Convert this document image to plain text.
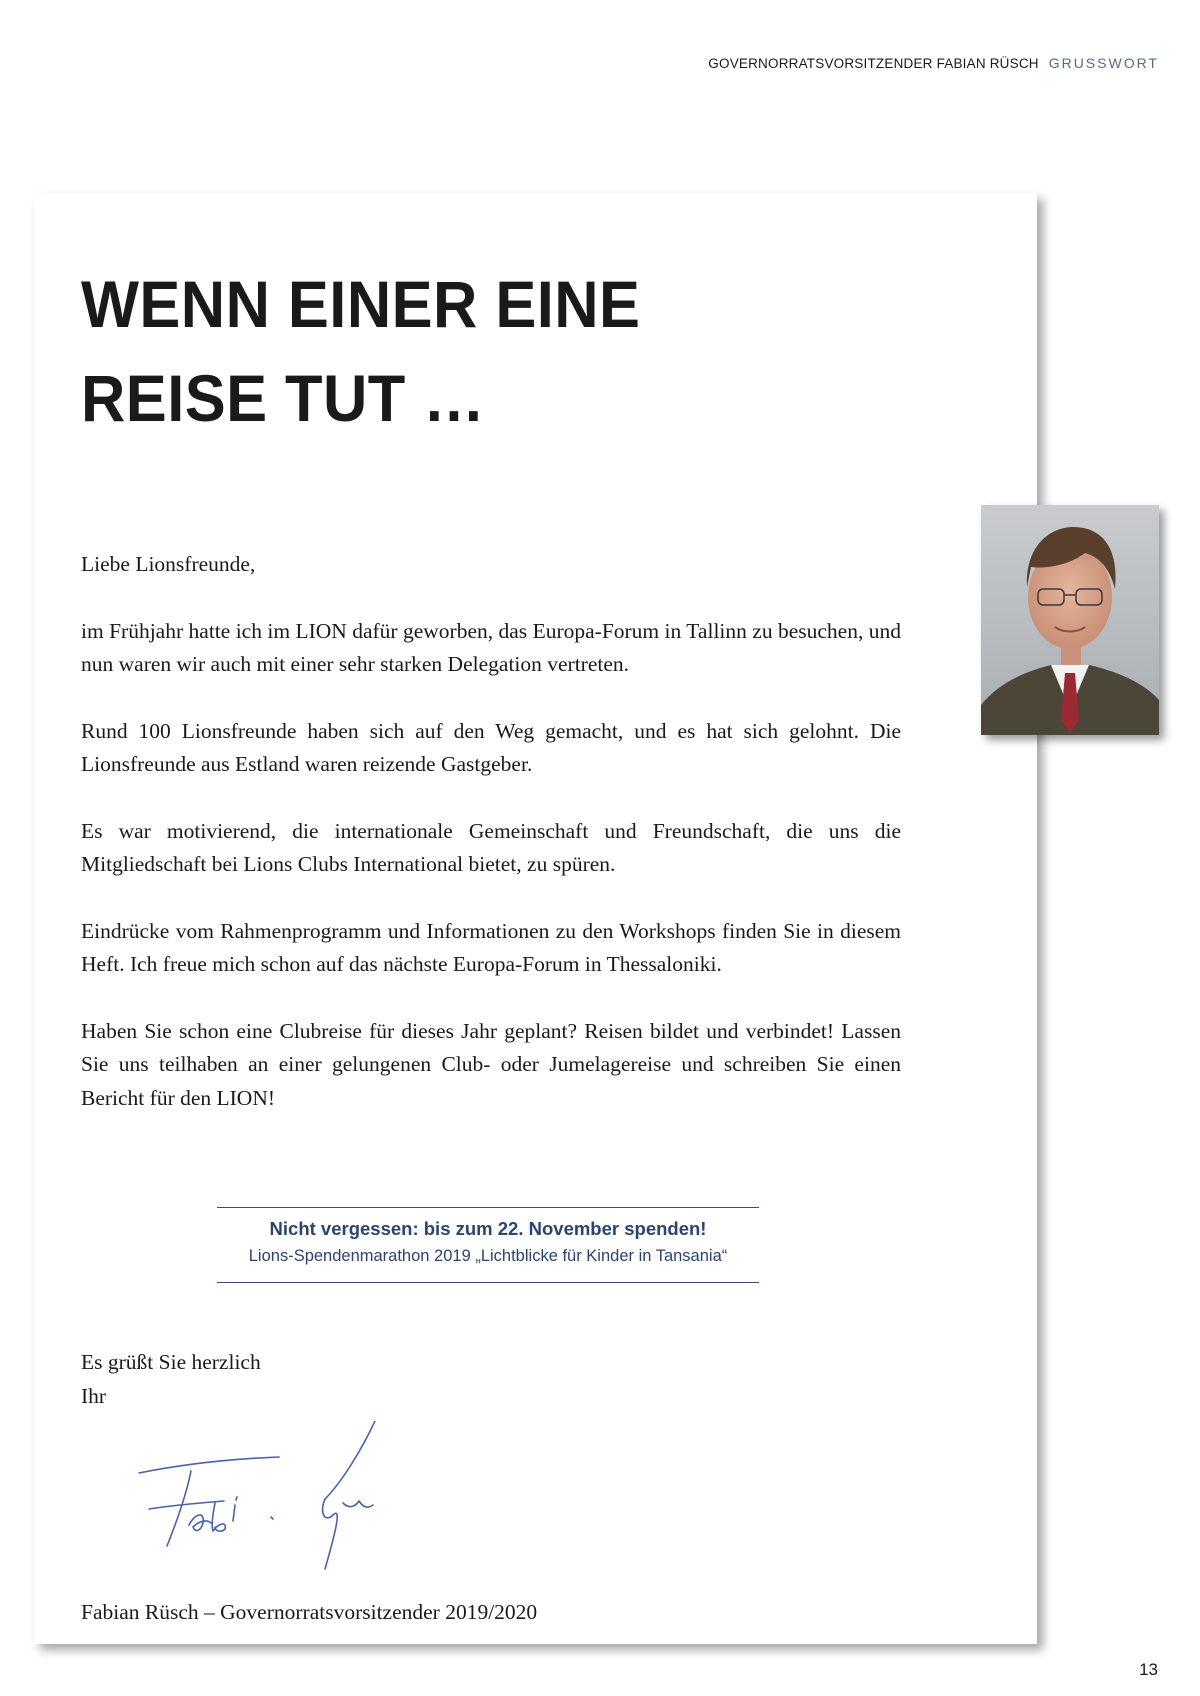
GOVERNORRATSVORSITZENDER FABIAN RÜSCH GRUSSWORT
WENN EINER EINE
REISE TUT …

Liebe Lionsfreunde,

im Frühjahr hatte ich im LION dafür geworben, das Europa-Forum in Tallinn zu besuchen, und nun waren wir auch mit einer sehr starken Delegation vertreten.

Rund 100 Lionsfreunde haben sich auf den Weg gemacht, und es hat sich gelohnt. Die Lionsfreunde aus Estland waren reizende Gastgeber.

Es war motivierend, die internationale Gemeinschaft und Freundschaft, die uns die Mitgliedschaft bei Lions Clubs International bietet, zu spüren.

Eindrücke vom Rahmenprogramm und Informationen zu den Workshops finden Sie in diesem Heft. Ich freue mich schon auf das nächste Europa-Forum in Thessaloniki.

Haben Sie schon eine Clubreise für dieses Jahr geplant? Reisen bildet und verbindet! Lassen Sie uns teilhaben an einer gelungenen Club- oder Jumelagereise und schreiben Sie einen Bericht für den LION!

Nicht vergessen: bis zum 22. November spenden!
Lions-Spendenmarathon 2019 „Lichtblicke für Kinder in Tansania“
Es grüßt Sie herzlich
Ihr
Fabian Rüsch – Governorratsvorsitzender 2019/2020
13
